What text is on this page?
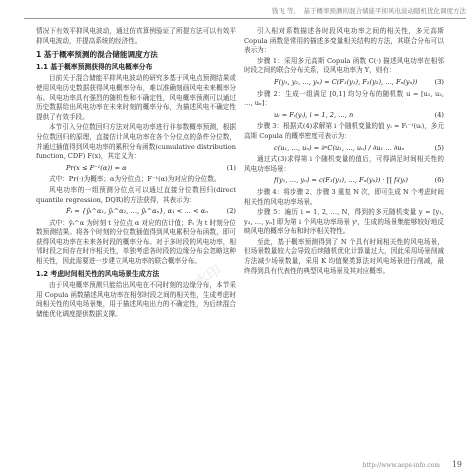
钱飞 等, 基于概率预测的混合储能平抑风电波动随机优化调度方法

情况下有效平抑风电波动，通过仿真算例验证了所提方法可以有效平抑风电波动，并提高系统的经济性。

1 基于概率预测的混合储能调度方法
1.1 基于概率预测获得的风电概率分布

目前关于混合储能平抑风电波动的研究多基于风电点预测结果或使用风电历史数据获得风电概率分布，难以准确刻画风电未来概率分布。风电功率具有强烈的随机性和不确定性，风电概率预测可以通过历史数据给出风电功率在未来时刻的概率分布，为描述风电不确定性提供了有效手段。

本节引入分位数回归方法对风电功率进行非参数概率预测，根据分位数回归的原理，直接估计风电功率在各个分位点的条件分位数，并通过插值得到风电功率的累积分布函数(cumulative distribution function, CDF) F(x)，其定义为：

Pr(x ≤ F⁻¹(α)) = α	(1)

式中：Pr(·)为概率；α为分位点；F⁻¹(α)为对应的分位数。

风电功率的一组预测分位点可以通过直接分位数回归(direct quantile regression, DQR)的方法获得，其表示为：

F̂ₜ = {ŷₜ^α₁, ŷₜ^α₂, …, ŷₜ^αₙ}, α₁ < … < αₙ	(2)

式中：ŷₜ^α 为时刻 t 分位点 α 对应的估计值；F̂ₜ 为 t 时刻分位数预测结果。将各个时刻的分位数插值得到风电累积分布函数，即可获得风电功率在未来各时段的概率分布。对于多时段的风电功率，相邻时段之间存在时序相关性，单独考虑各时段的边缘分布会忽略这种相关性，因此需要进一步建立风电功率的联合概率分布。

1.2 考虑时间相关性的风电场景生成方法

由于风电概率预测只能给出风电在不同时刻的边缘分布，本节采用 Copula 函数描述风电功率在相邻时段之间的相关性，生成考虑时间相关性的风电场景集，用于描述风电出力的不确定性，为后续混合储能优化调度提供数据支撑。

引入相对系数描述各时段风电功率之间的相关性，多元高斯 Copula 函数是常用的描述多变量相关结构的方法，其联合分布可以表示为：

步骤 1：采用多元高斯 Copula 函数 C(·) 描述风电功率在相邻时段之间的联合分布关系，设风电功率为 Y，则有：

F(y₁, y₂, …, yₙ) = C(F₁(y₁), F₂(y₂), …, Fₙ(yₙ))	(3)

步骤 2：生成一组满足 [0,1] 均匀分布的随机数 u = [u₁, u₂, …, uₙ]：

uᵢ = Fᵢ(yᵢ), i = 1, 2, …, n	(4)

步骤 3：根据式(4)求解第 i 个随机变量的值 yᵢ = Fᵢ⁻¹(uᵢ)，多元高斯 Copula 的概率密度可表示为：

c(u₁, …, uₙ) = ∂ⁿC(u₁, …, uₙ) / ∂u₁ … ∂uₙ	(5)

通过式(3)求得第 i 个随机变量的值后，可得满足时间相关性的风电功率场景：

f(y₁, …, yₙ) = c(F₁(y₁), …, Fₙ(yₙ)) · ∏ fᵢ(yᵢ)	(6)

步骤 4：将步骤 2、步骤 3 重复 N 次，即可生成 N 个考虑时间相关性的风电功率场景。

步骤 5：遍历 i = 1, 2, …, N，得到的多元随机变量 y = [y₁, y₂, …, yₙ] 即为第 i 个风电功率场景 yⁱ，生成的场景集能够较好地反映风电的概率分布和时序相关特性。

至此，基于概率预测得到了 N 个具有时间相关性的风电场景，但场景数量较大会导致后续随机优化计算量过大，因此采用场景削减方法减少场景数量，采用 K 均值聚类算法对风电场景进行削减，最终得到具有代表性的典型风电场景及其对应概率。

水印
http://www.aeps-info.com 19
